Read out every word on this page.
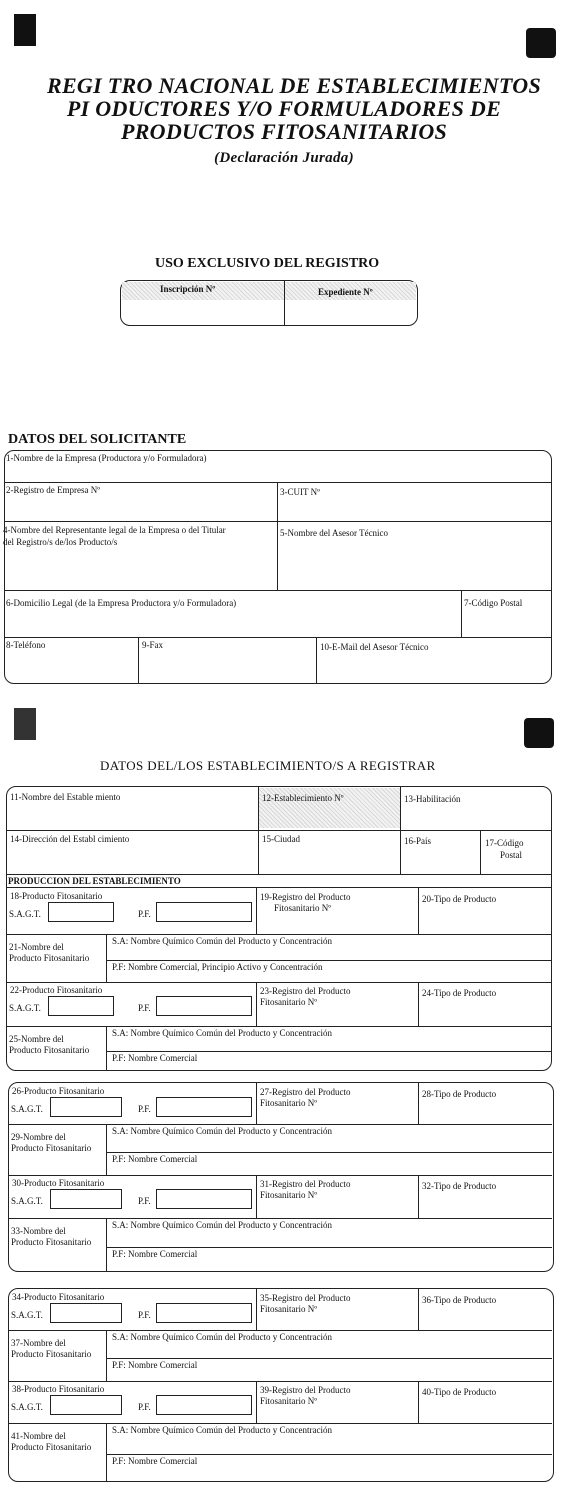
REGI TRO NACIONAL DE ESTABLECIMIENTOS
PI ODUCTORES Y/O FORMULADORES DE
PRODUCTOS FITOSANITARIOS
(Declaración Jurada)
USO EXCLUSIVO DEL REGISTRO
Inscripción Nº	Expediente Nº
DATOS DEL SOLICITANTE
1-Nombre de la Empresa (Productora y/o Formuladora)
2-Registro de Empresa Nº	3-CUIT Nº
4-Nombre del Representante legal de la Empresa o del Titular
del Registro/s de/los Producto/s
5-Nombre del Asesor Técnico
6-Domicilio Legal (de la Empresa Productora y/o Formuladora)	7-Código Postal
8-Teléfono	9-Fax	10-E-Mail del Asesor Técnico
DATOS DEL/LOS ESTABLECIMIENTO/S A REGISTRAR
11-Nombre del Estable miento	12-Establecimiento Nº	13-Habilitación
14-Dirección del Establ cimiento	15-Ciudad	16-País	17-Código
Postal
PRODUCCION DEL ESTABLECIMIENTO
18-Producto Fitosanitario
S.A.G.T.	P.F.
19-Registro del Producto
Fitosanitario Nº
20-Tipo de Producto
21-Nombre del
Producto Fitosanitario
S.A: Nombre Químico Común del Producto y Concentración
P.F: Nombre Comercial, Principio Activo y Concentración
22-Producto Fitosanitario
S.A.G.T.	P.F.
23-Registro del Producto
Fitosanitario Nº
24-Tipo de Producto
25-Nombre del
Producto Fitosanitario
S.A: Nombre Químico Común del Producto y Concentración
P.F: Nombre Comercial
26-Producto Fitosanitario
S.A.G.T.	P.F.
27-Registro del Producto
Fitosanitario Nº
28-Tipo de Producto
29-Nombre del
Producto Fitosanitario
S.A: Nombre Químico Común del Producto y Concentración
P.F: Nombre Comercial
30-Producto Fitosanitario
S.A.G.T.	P.F.
31-Registro del Producto
Fitosanitario Nº
32-Tipo de Producto
33-Nombre del
Producto Fitosanitario
S.A: Nombre Químico Común del Producto y Concentración
P.F: Nombre Comercial
34-Producto Fitosanitario
S.A.G.T.	P.F.
35-Registro del Producto
Fitosanitario Nº
36-Tipo de Producto
37-Nombre del
Producto Fitosanitario
S.A: Nombre Químico Común del Producto y Concentración
P.F: Nombre Comercial
38-Producto Fitosanitario
S.A.G.T.	P.F.
39-Registro del Producto
Fitosanitario Nº
40-Tipo de Producto
41-Nombre del
Producto Fitosanitario
S.A: Nombre Químico Común del Producto y Concentración
P.F: Nombre Comercial
